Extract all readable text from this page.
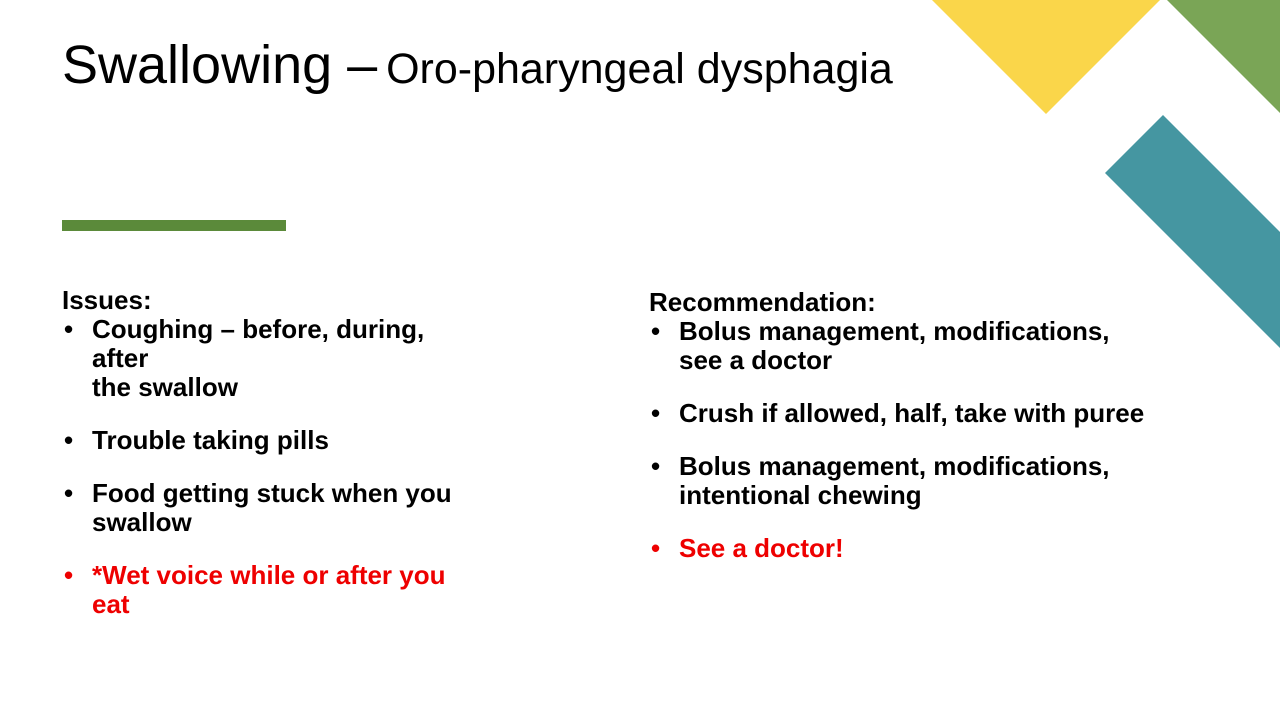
Swallowing – Oro-pharyngeal dysphagia
Issues:
• Coughing – before, during,
after
the swallow
• Trouble taking pills
• Food getting stuck when you
swallow
• *Wet voice while or after you
eat
Recommendation:
• Bolus management, modifications, see a doctor
• Crush if allowed, half, take with puree
• Bolus management, modifications, intentional chewing
• See a doctor!
